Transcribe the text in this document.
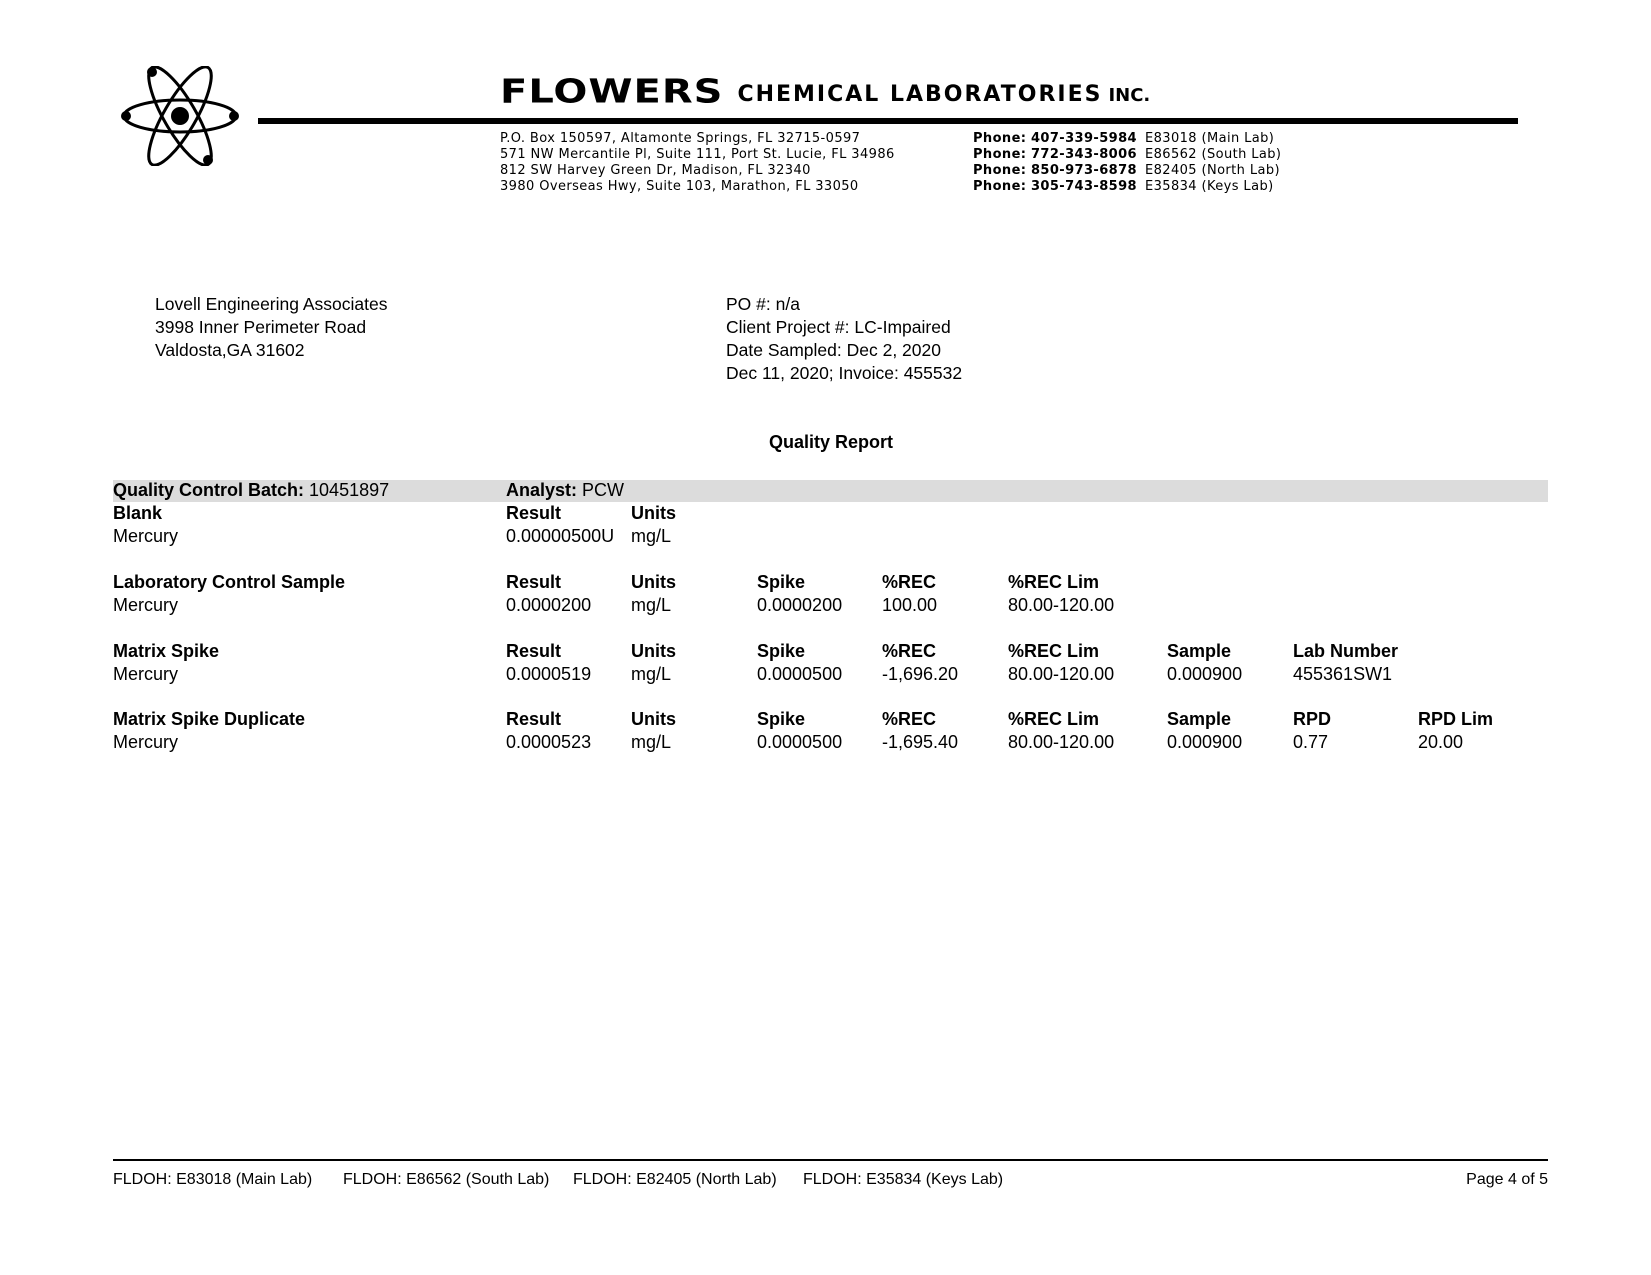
FLOWERS CHEMICAL LABORATORIES INC.
P.O. Box 150597, Altamonte Springs, FL 32715-0597
571 NW Mercantile Pl, Suite 111, Port St. Lucie, FL 34986
812 SW Harvey Green Dr, Madison, FL 32340
3980 Overseas Hwy, Suite 103, Marathon, FL 33050
Phone: 407-339-5984 E83018 (Main Lab)
Phone: 772-343-8006 E86562 (South Lab)
Phone: 850-973-6878 E82405 (North Lab)
Phone: 305-743-8598 E35834 (Keys Lab)
Lovell Engineering Associates
3998 Inner Perimeter Road
Valdosta,GA 31602
PO #: n/a
Client Project #: LC-Impaired
Date Sampled: Dec 2, 2020
Dec 11, 2020; Invoice: 455532
Quality Report
Quality Control Batch: 10451897	Analyst: PCW
Blank	Result	Units
Mercury	0.00000500U mg/L
Laboratory Control Sample	Result	Units	Spike	%REC	%REC Lim
Mercury	0.0000200 mg/L	0.0000200 100.00	80.00-120.00
Matrix Spike	Result	Units	Spike	%REC	%REC Lim	Sample	Lab Number
Mercury	0.0000519 mg/L	0.0000500 -1,696.20	80.00-120.00	0.000900	455361SW1
Matrix Spike Duplicate	Result	Units	Spike	%REC	%REC Lim	Sample	RPD	RPD Lim
Mercury	0.0000523 mg/L	0.0000500 -1,695.40	80.00-120.00	0.000900	0.77	20.00
FLDOH: E83018 (Main Lab) FLDOH: E86562 (South Lab) FLDOH: E82405 (North Lab) FLDOH: E35834 (Keys Lab)	Page 4 of 5
